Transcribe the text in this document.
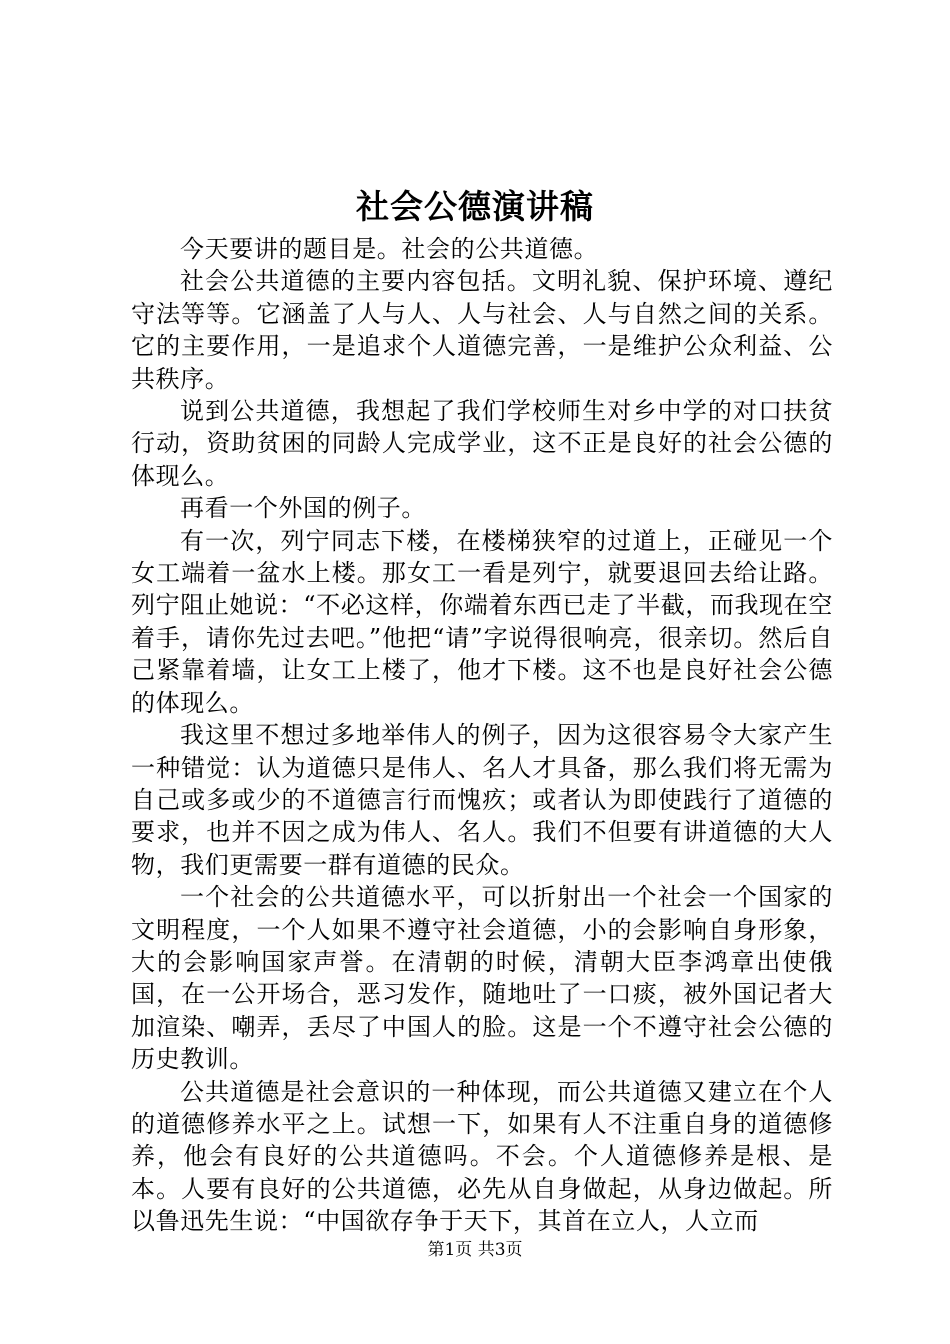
社会公德演讲稿

今天要讲的题目是。社会的公共道德。

社会公共道德的主要内容包括。文明礼貌、保护环境、遵纪守法等等。它涵盖了人与人、人与社会、人与自然之间的关系。它的主要作用，一是追求个人道德完善，一是维护公众利益、公共秩序。

说到公共道德，我想起了我们学校师生对乡中学的对口扶贫行动，资助贫困的同龄人完成学业，这不正是良好的社会公德的体现么。

再看一个外国的例子。

有一次，列宁同志下楼，在楼梯狭窄的过道上，正碰见一个女工端着一盆水上楼。那女工一看是列宁，就要退回去给让路。列宁阻止她说：“不必这样，你端着东西已走了半截，而我现在空着手，请你先过去吧。”他把“请”字说得很响亮，很亲切。然后自己紧靠着墙，让女工上楼了，他才下楼。这不也是良好社会公德的体现么。

我这里不想过多地举伟人的例子，因为这很容易令大家产生一种错觉：认为道德只是伟人、名人才具备，那么我们将无需为自己或多或少的不道德言行而愧疚；或者认为即使践行了道德的要求，也并不因之成为伟人、名人。我们不但要有讲道德的大人物，我们更需要一群有道德的民众。

一个社会的公共道德水平，可以折射出一个社会一个国家的文明程度，一个人如果不遵守社会道德，小的会影响自身形象，大的会影响国家声誉。在清朝的时候，清朝大臣李鸿章出使俄国，在一公开场合，恶习发作，随地吐了一口痰，被外国记者大加渲染、嘲弄，丢尽了中国人的脸。这是一个不遵守社会公德的历史教训。

公共道德是社会意识的一种体现，而公共道德又建立在个人的道德修养水平之上。试想一下，如果有人不注重自身的道德修养，他会有良好的公共道德吗。不会。个人道德修养是根、是本。人要有良好的公共道德，必先从自身做起，从身边做起。所以鲁迅先生说：“中国欲存争于天下，其首在立人，人立而

第1页 共3页
